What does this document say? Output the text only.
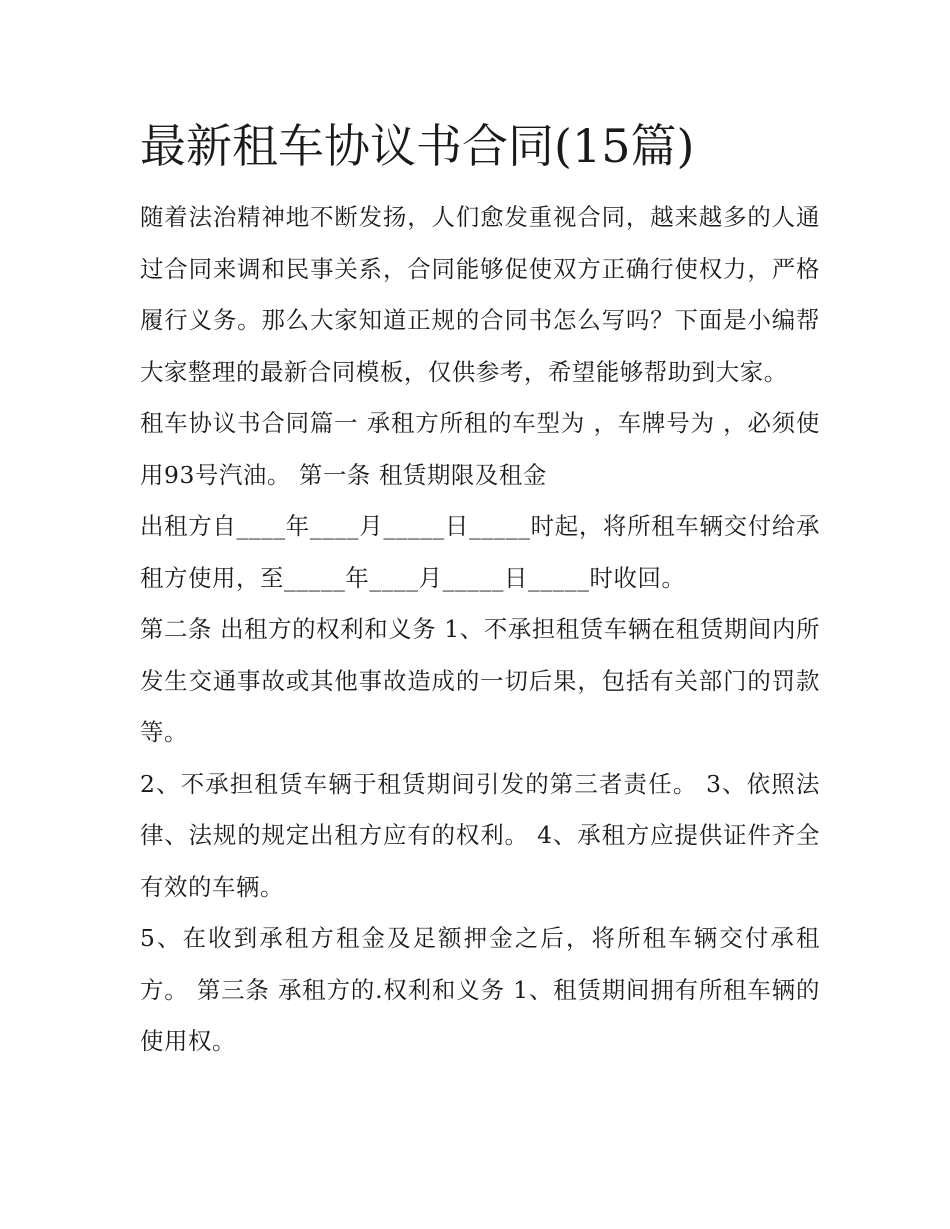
最新租车协议书合同(15篇)

随着法治精神地不断发扬，人们愈发重视合同，越来越多的人通过合同来调和民事关系，合同能够促使双方正确行使权力，严格履行义务。那么大家知道正规的合同书怎么写吗？下面是小编帮大家整理的最新合同模板，仅供参考，希望能够帮助到大家。

租车协议书合同篇一 承租方所租的车型为 ，车牌号为 ，必须使用93号汽油。 第一条 租赁期限及租金

出租方自____年____月_____日_____时起，将所租车辆交付给承租方使用，至_____年____月_____日_____时收回。

第二条 出租方的权利和义务 1、不承担租赁车辆在租赁期间内所发生交通事故或其他事故造成的一切后果，包括有关部门的罚款等。

2、不承担租赁车辆于租赁期间引发的第三者责任。 3、依照法律、法规的规定出租方应有的权利。 4、承租方应提供证件齐全有效的车辆。

5、在收到承租方租金及足额押金之后，将所租车辆交付承租方。 第三条 承租方的.权利和义务 1、租赁期间拥有所租车辆的使用权。
